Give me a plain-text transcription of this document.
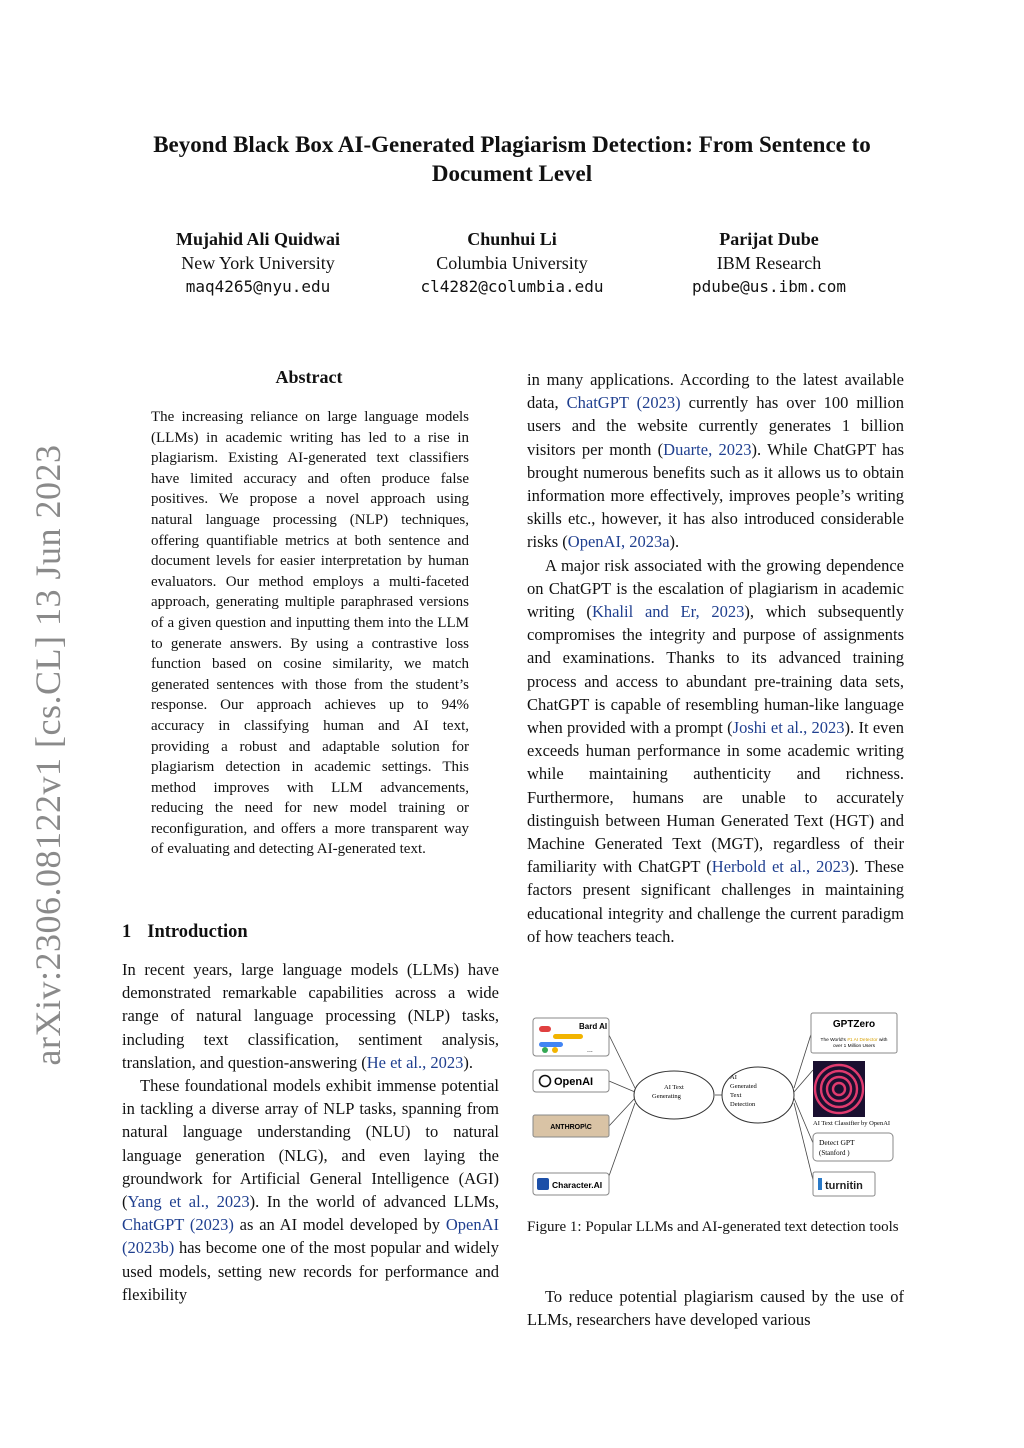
arXiv:2306.08122v1 [cs.CL] 13 Jun 2023
Beyond Black Box AI-Generated Plagiarism Detection: From Sentence to Document Level
Mujahid Ali Quidwai
New York University
maq4265@nyu.edu
Chunhui Li
Columbia University
cl4282@columbia.edu
Parijat Dube
IBM Research
pdube@us.ibm.com
Abstract
The increasing reliance on large language models (LLMs) in academic writing has led to a rise in plagiarism. Existing AI-generated text classifiers have limited accuracy and often produce false positives. We propose a novel approach using natural language processing (NLP) techniques, offering quantifiable metrics at both sentence and document levels for easier interpretation by human evaluators. Our method employs a multi-faceted approach, generating multiple paraphrased versions of a given question and inputting them into the LLM to generate answers. By using a contrastive loss function based on cosine similarity, we match generated sentences with those from the student’s response. Our approach achieves up to 94% accuracy in classifying human and AI text, providing a robust and adaptable solution for plagiarism detection in academic settings. This method improves with LLM advancements, reducing the need for new model training or reconfiguration, and offers a more transparent way of evaluating and detecting AI-generated text.
1 Introduction

In recent years, large language models (LLMs) have demonstrated remarkable capabilities across a wide range of natural language processing (NLP) tasks, including text classification, sentiment analysis, translation, and question-answering (He et al., 2023).

These foundational models exhibit immense potential in tackling a diverse array of NLP tasks, spanning from natural language understanding (NLU) to natural language generation (NLG), and even laying the groundwork for Artificial General Intelligence (AGI) (Yang et al., 2023). In the world of advanced LLMs, ChatGPT (2023) as an AI model developed by OpenAI (2023b) has become one of the most popular and widely used models, setting new records for performance and flexibility

in many applications. According to the latest available data, ChatGPT (2023) currently has over 100 million users and the website currently generates 1 billion visitors per month (Duarte, 2023). While ChatGPT has brought numerous benefits such as it allows us to obtain information more effectively, improves people’s writing skills etc., however, it has also introduced considerable risks (OpenAI, 2023a).

A major risk associated with the growing dependence on ChatGPT is the escalation of plagiarism in academic writing (Khalil and Er, 2023), which subsequently compromises the integrity and purpose of assignments and examinations. Thanks to its advanced training process and access to abundant pre-training data sets, ChatGPT is capable of resembling human-like language when provided with a prompt (Joshi et al., 2023). It even exceeds human performance in some academic writing while maintaining authenticity and richness. Furthermore, humans are unable to accurately distinguish between Human Generated Text (HGT) and Machine Generated Text (MGT), regardless of their familiarity with ChatGPT (Herbold et al., 2023). These factors present significant challenges in maintaining educational integrity and challenge the current paradigm of how teachers teach.

Bard AI
...
OpenAI
ANTHROP\C
Character.AI
AI Text
Generating
AI
Generated
Text
Detection
GPTZero
The World's #1 AI Detector with
over 1 Million Users
AI Text Classifier by OpenAI
Detect GPT
(Stanford )
turnitin
Figure 1: Popular LLMs and AI-generated text detection tools

To reduce potential plagiarism caused by the use of LLMs, researchers have developed various
